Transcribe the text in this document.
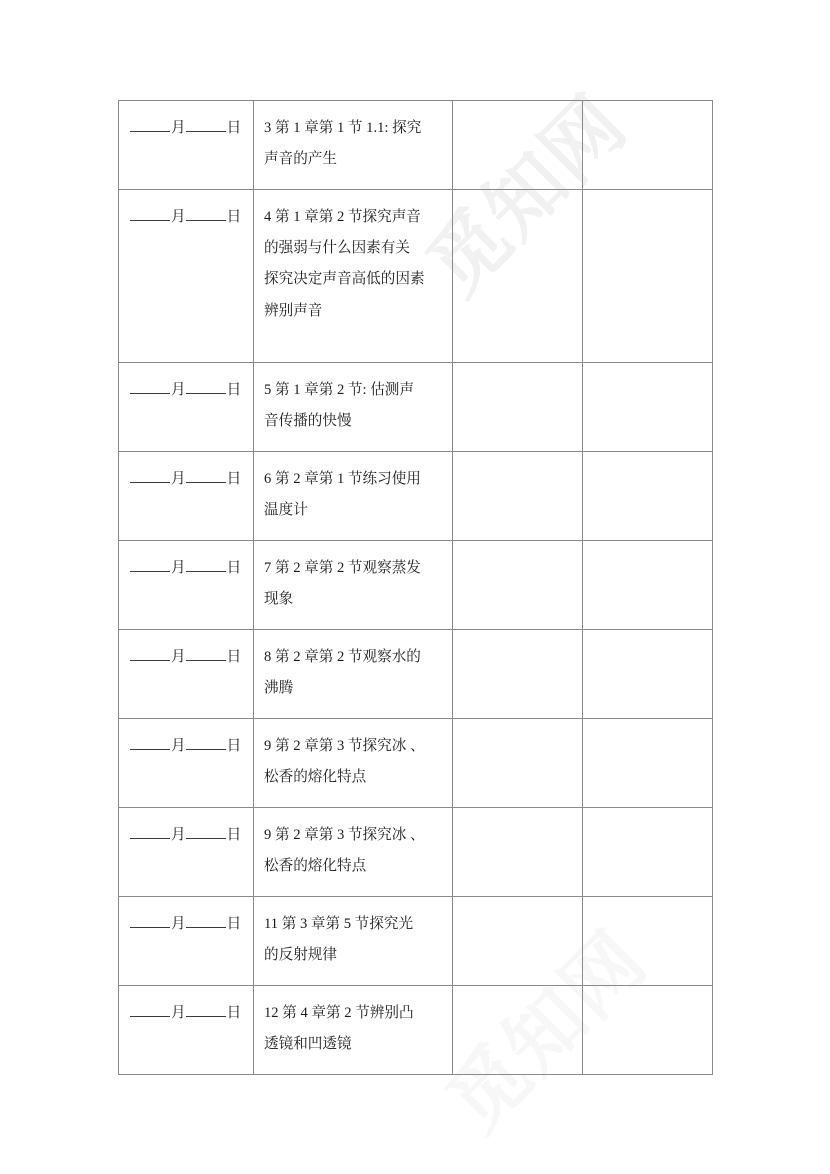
觅知网
觅知网
月 日	3 第 1 章第 1 节 1.1: 探究
声音的产生		

月 日	4 第 1 章第 2 节探究声音
的强弱与什么因素有关
探究决定声音高低的因素
辨别声音		

月 日	5 第 1 章第 2 节: 估测声
音传播的快慢		

月 日	6 第 2 章第 1 节练习使用
温度计		

月 日	7 第 2 章第 2 节观察蒸发
现象		

月 日	8 第 2 章第 2 节观察水的
沸腾		

月 日	9 第 2 章第 3 节探究冰 、
松香的熔化特点		

月 日	9 第 2 章第 3 节探究冰 、
松香的熔化特点		

月 日	11 第 3 章第 5 节探究光
的反射规律		

月 日	12 第 4 章第 2 节辨别凸
透镜和凹透镜		
